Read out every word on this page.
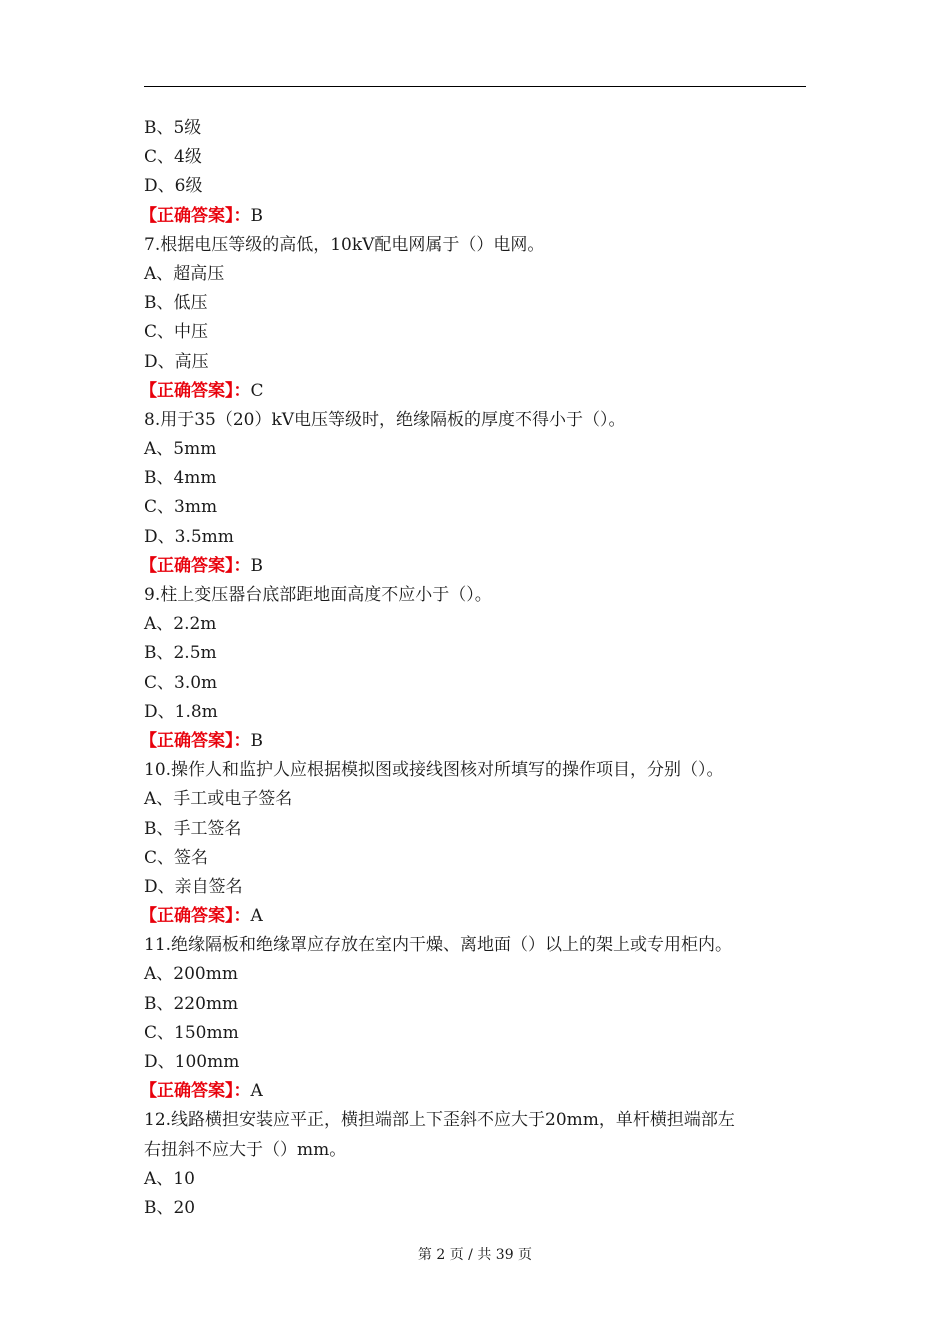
B、5级
C、4级
D、6级
【正确答案】：B
7.根据电压等级的高低，10kV配电网属于（）电网。
A、超高压
B、低压
C、中压
D、高压
【正确答案】：C
8.用于35（20）kV电压等级时，绝缘隔板的厚度不得小于（）。
A、5mm
B、4mm
C、3mm
D、3.5mm
【正确答案】：B
9.柱上变压器台底部距地面高度不应小于（）。
A、2.2m
B、2.5m
C、3.0m
D、1.8m
【正确答案】：B
10.操作人和监护人应根据模拟图或接线图核对所填写的操作项目，分别（）。
A、手工或电子签名
B、手工签名
C、签名
D、亲自签名
【正确答案】：A
11.绝缘隔板和绝缘罩应存放在室内干燥、离地面（）以上的架上或专用柜内。
A、200mm
B、220mm
C、150mm
D、100mm
【正确答案】：A
12.线路横担安装应平正，横担端部上下歪斜不应大于20mm，单杆横担端部左
右扭斜不应大于（）mm。
A、10
B、20
第 2 页 / 共 39 页
